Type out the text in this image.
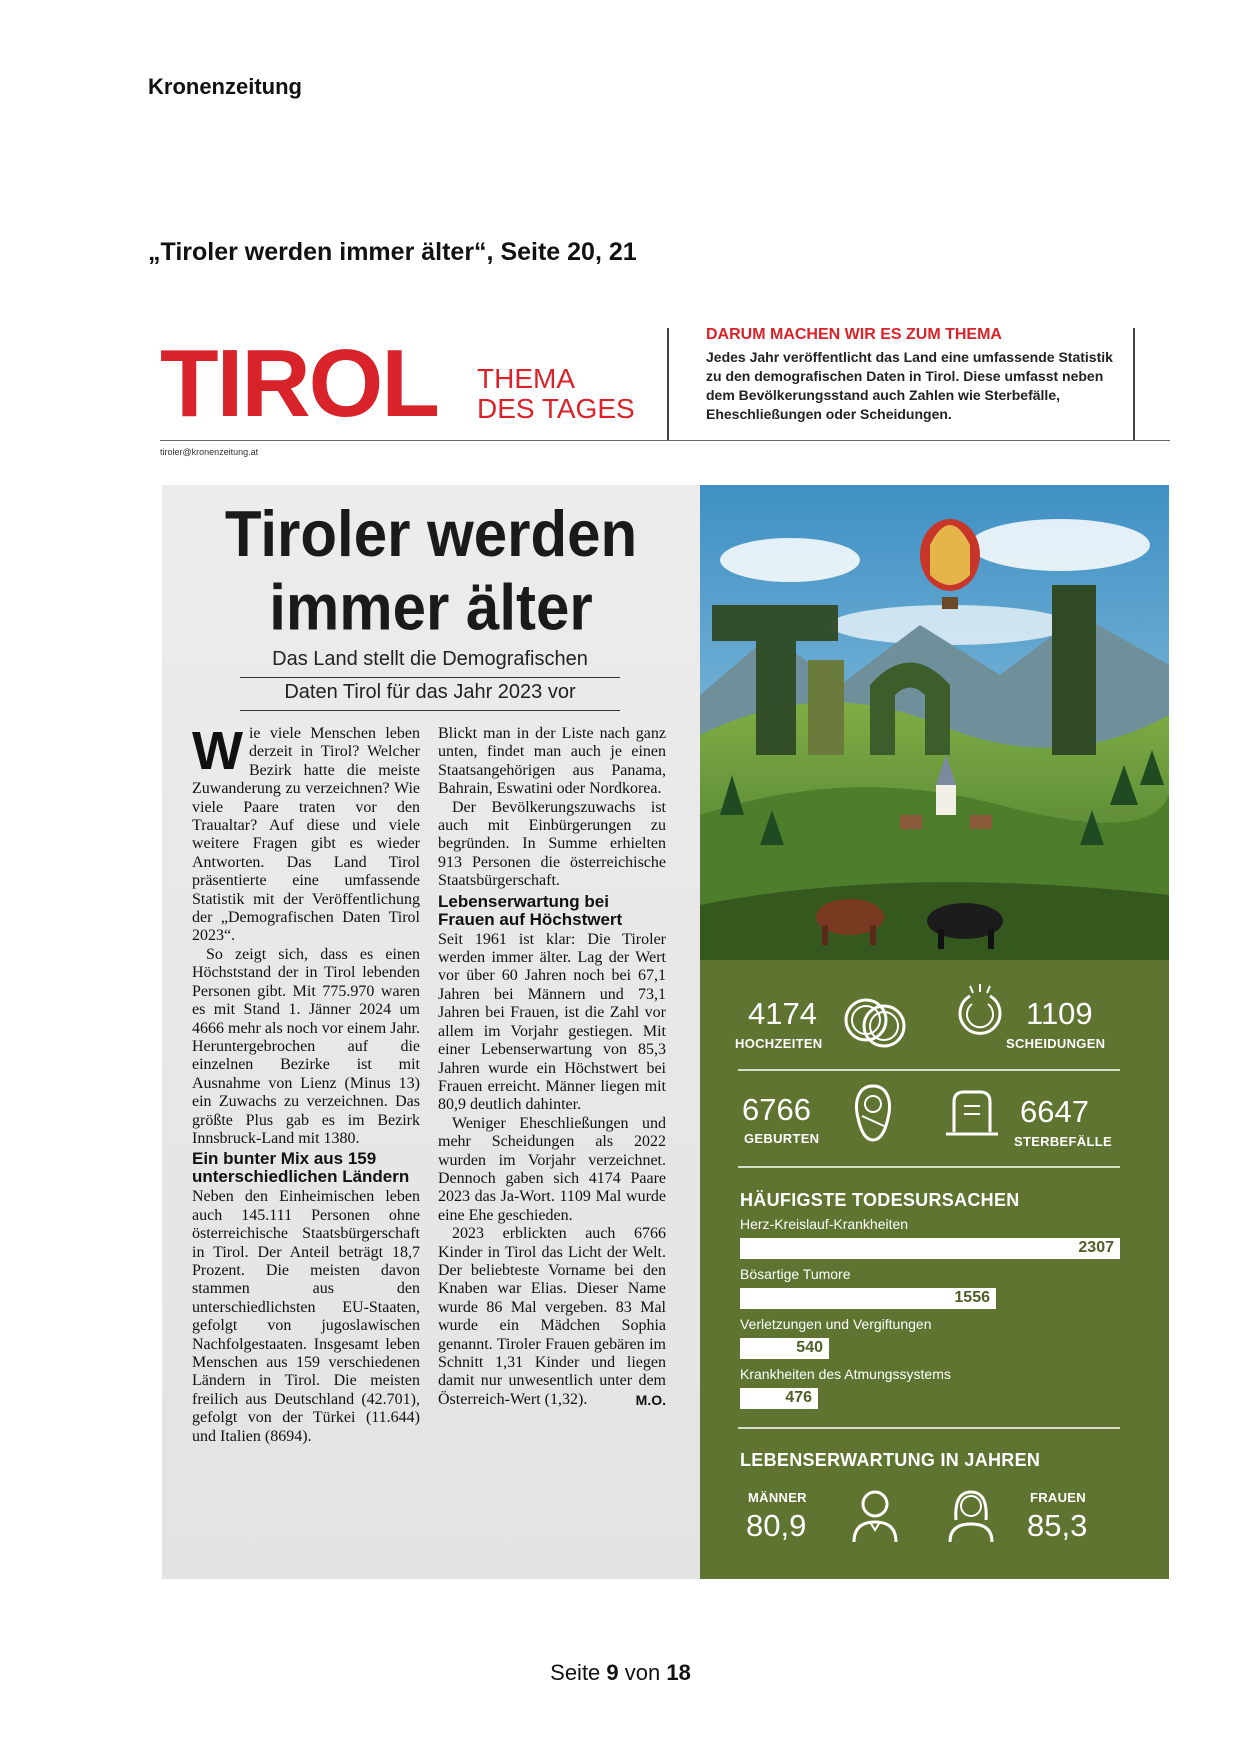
Kronenzeitung
„Tiroler werden immer älter“, Seite 20, 21
TIROL THEMA
DES TAGES
DARUM MACHEN WIR ES ZUM THEMA
Jedes Jahr veröffentlicht das Land eine umfassende Statistik zu den demografischen Daten in Tirol. Diese umfasst neben dem Bevölkerungsstand auch Zahlen wie Sterbefälle, Eheschließungen oder Scheidungen.
tiroler@kronenzeitung.at
Tiroler werden
immer älter
Das Land stellt die Demografischen
Daten Tirol für das Jahr 2023 vor

Wie viele Menschen leben derzeit in Tirol? Welcher Bezirk hatte die meiste Zuwanderung zu verzeichnen? Wie viele Paare traten vor den Traualtar? Auf diese und viele weitere Fragen gibt es wieder Antworten. Das Land Tirol präsentierte eine umfassende Statistik mit der Veröffentlichung der „Demografischen Daten Tirol 2023“.

So zeigt sich, dass es einen Höchststand der in Tirol lebenden Personen gibt. Mit 775.970 waren es mit Stand 1. Jänner 2024 um 4666 mehr als noch vor einem Jahr. Heruntergebrochen auf die einzelnen Bezirke ist mit Ausnahme von Lienz (Minus 13) ein Zuwachs zu verzeichnen. Das größte Plus gab es im Bezirk Innsbruck-Land mit 1380.

Ein bunter Mix aus 159 unterschiedlichen Ländern

Neben den Einheimischen leben auch 145.111 Personen ohne österreichische Staatsbürgerschaft in Tirol. Der Anteil beträgt 18,7 Prozent. Die meisten davon stammen aus den unterschiedlichsten EU-Staaten, gefolgt von jugoslawischen Nachfolgestaaten. Insgesamt leben Menschen aus 159 verschiedenen Ländern in Tirol. Die meisten freilich aus Deutschland (42.701), gefolgt von der Türkei (11.644) und Italien (8694).

Blickt man in der Liste nach ganz unten, findet man auch je einen Staatsangehörigen aus Panama, Bahrain, Eswatini oder Nordkorea.

Der Bevölkerungszuwachs ist auch mit Einbürgerungen zu begründen. In Summe erhielten 913 Personen die österreichische Staatsbürgerschaft.

Lebenserwartung bei Frauen auf Höchstwert

Seit 1961 ist klar: Die Tiroler werden immer älter. Lag der Wert vor über 60 Jahren noch bei 67,1 Jahren bei Männern und 73,1 Jahren bei Frauen, ist die Zahl vor allem im Vorjahr gestiegen. Mit einer Lebenserwartung von 85,3 Jahren wurde ein Höchstwert bei Frauen erreicht. Männer liegen mit 80,9 deutlich dahinter.

Weniger Eheschließungen und mehr Scheidungen als 2022 wurden im Vorjahr verzeichnet. Dennoch gaben sich 4174 Paare 2023 das Ja-Wort. 1109 Mal wurde eine Ehe geschieden.

2023 erblickten auch 6766 Kinder in Tirol das Licht der Welt. Der beliebteste Vorname bei den Knaben war Elias. Dieser Name wurde 86 Mal vergeben. 83 Mal wurde ein Mädchen Sophia genannt. Tiroler Frauen gebären im Schnitt 1,31 Kinder und liegen damit nur unwesentlich unter dem Österreich-Wert (1,32).	M.O.

4174
HOCHZEITEN
1109
SCHEIDUNGEN
6766
GEBURTEN
6647
STERBEFÄLLE
HÄUFIGSTE TODESURSACHEN
Herz-Kreislauf-Krankheiten
2307
Bösartige Tumore
1556
Verletzungen und Vergiftungen
540
Krankheiten des Atmungssystems
476
LEBENSERWARTUNG IN JAHREN
MÄNNER
80,9
FRAUEN
85,3
Seite 9 von 18
